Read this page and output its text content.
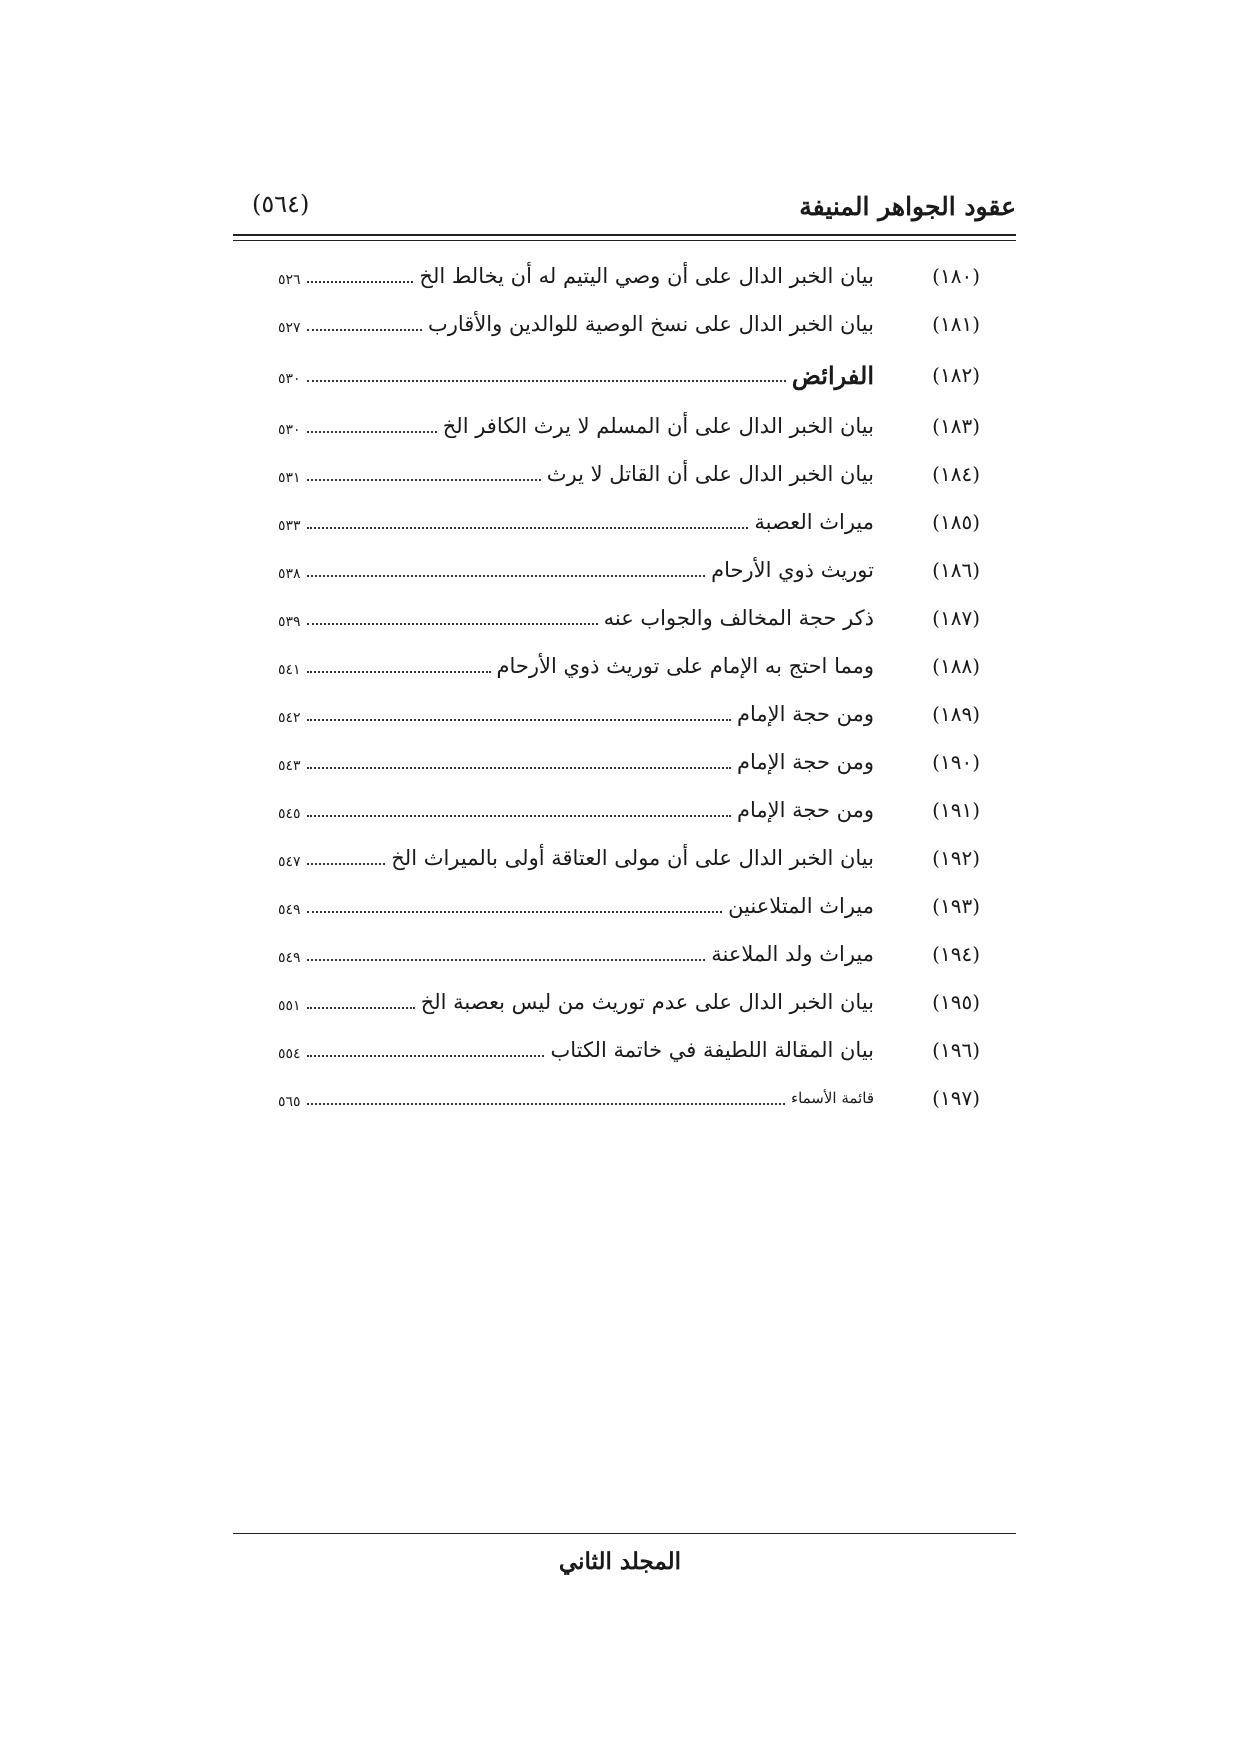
عقود الجواهر المنيفة
(٥٦٤)
(١٨٠)
بيان الخبر الدال على أن وصي اليتيم له أن يخالط الخ
٥٢٦
(١٨١)
بيان الخبر الدال على نسخ الوصية للوالدين والأقارب
٥٢٧
(١٨٢)
الفرائض
٥٣٠
(١٨٣)
بيان الخبر الدال على أن المسلم لا يرث الكافر الخ
٥٣٠
(١٨٤)
بيان الخبر الدال على أن القاتل لا يرث
٥٣١
(١٨٥)
ميراث العصبة
٥٣٣
(١٨٦)
توريث ذوي الأرحام
٥٣٨
(١٨٧)
ذكر حجة المخالف والجواب عنه
٥٣٩
(١٨٨)
ومما احتج به الإمام على توريث ذوي الأرحام
٥٤١
(١٨٩)
ومن حجة الإمام
٥٤٢
(١٩٠)
ومن حجة الإمام
٥٤٣
(١٩١)
ومن حجة الإمام
٥٤٥
(١٩٢)
بيان الخبر الدال على أن مولى العتاقة أولى بالميراث الخ
٥٤٧
(١٩٣)
ميراث المتلاعنين
٥٤٩
(١٩٤)
ميراث ولد الملاعنة
٥٤٩
(١٩٥)
بيان الخبر الدال على عدم توريث من ليس بعصبة الخ
٥٥١
(١٩٦)
بيان المقالة اللطيفة في خاتمة الكتاب
٥٥٤
(١٩٧)
قائمة الأسماء
٥٦٥
المجلد الثاني
